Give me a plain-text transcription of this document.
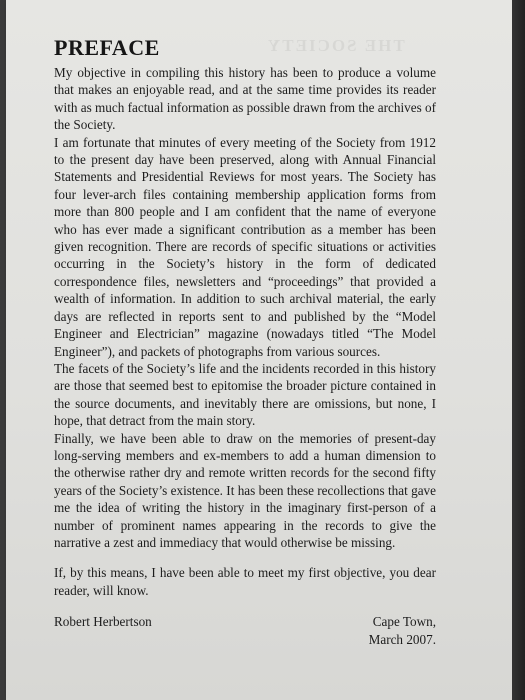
THE SOCIETY
PREFACE

My objective in compiling this history has been to produce a volume that makes an enjoyable read, and at the same time provides its reader with as much factual information as possible drawn from the archives of the Society.

I am fortunate that minutes of every meeting of the Society from 1912 to the present day have been preserved, along with Annual Financial Statements and Presidential Reviews for most years. The Society has four lever-arch files containing membership application forms from more than 800 people and I am confident that the name of everyone who has ever made a significant contribution as a member has been given recognition. There are records of specific situations or activities occurring in the Society’s history in the form of dedicated correspondence files, newsletters and “proceedings” that provided a wealth of information. In addition to such archival material, the early days are reflected in reports sent to and published by the “Model Engineer and Electrician” magazine (nowadays titled “The Model Engineer”), and packets of photographs from various sources.

The facets of the Society’s life and the incidents recorded in this history are those that seemed best to epitomise the broader picture contained in the source documents, and inevitably there are omissions, but none, I hope, that detract from the main story.

Finally, we have been able to draw on the memories of present-day long-serving members and ex-members to add a human dimension to the otherwise rather dry and remote written records for the second fifty years of the Society’s existence. It has been these recollections that gave me the idea of writing the history in the imaginary first-person of a number of prominent names appearing in the records to give the narrative a zest and immediacy that would otherwise be missing.

If, by this means, I have been able to meet my first objective, you dear reader, will know.

Robert Herbertson	Cape Town,
March 2007.
